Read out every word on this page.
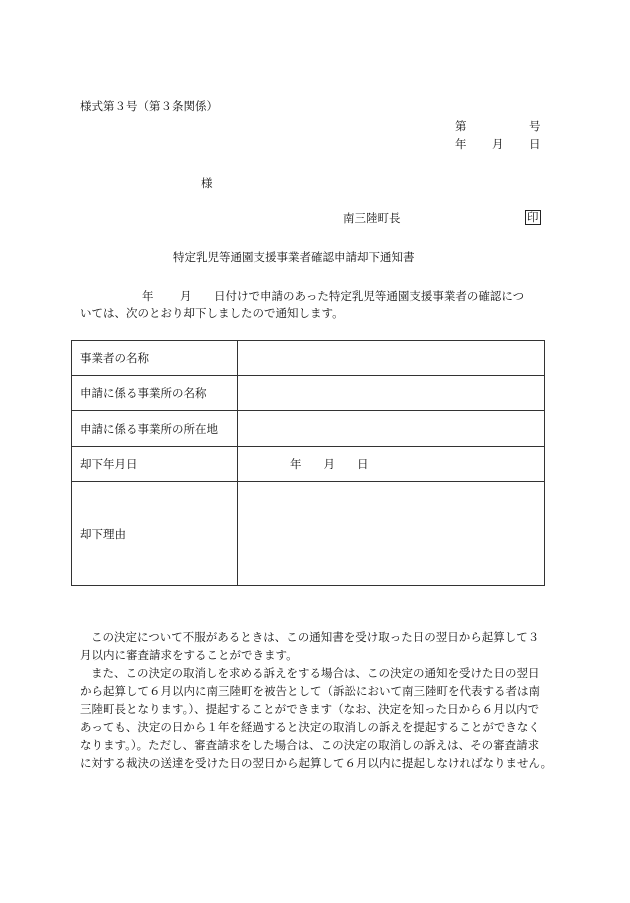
様式第３号（第３条関係）
第	号
年 月 日
様
南三陸町長	印
特定乳児等通園支援事業者確認申請却下通知書
年 月 日付けで申請のあった特定乳児等通園支援事業者の確認につ
いては、次のとおり却下しましたので通知します。
事業者の名称	
申請に係る事業所の名称	
申請に係る事業所の所在地	
却下年月日	年 月 日
却下理由	

この決定について不服があるときは、この通知書を受け取った日の翌日から起算して３

月以内に審査請求をすることができます。

また、この決定の取消しを求める訴えをする場合は、この決定の通知を受けた日の翌日

から起算して６月以内に南三陸町を被告として（訴訟において南三陸町を代表する者は南

三陸町長となります。）、提起することができます（なお、決定を知った日から６月以内で

あっても、決定の日から１年を経過すると決定の取消しの訴えを提起することができなく

なります。）。ただし、審査請求をした場合は、この決定の取消しの訴えは、その審査請求

に対する裁決の送達を受けた日の翌日から起算して６月以内に提起しなければなりません。
